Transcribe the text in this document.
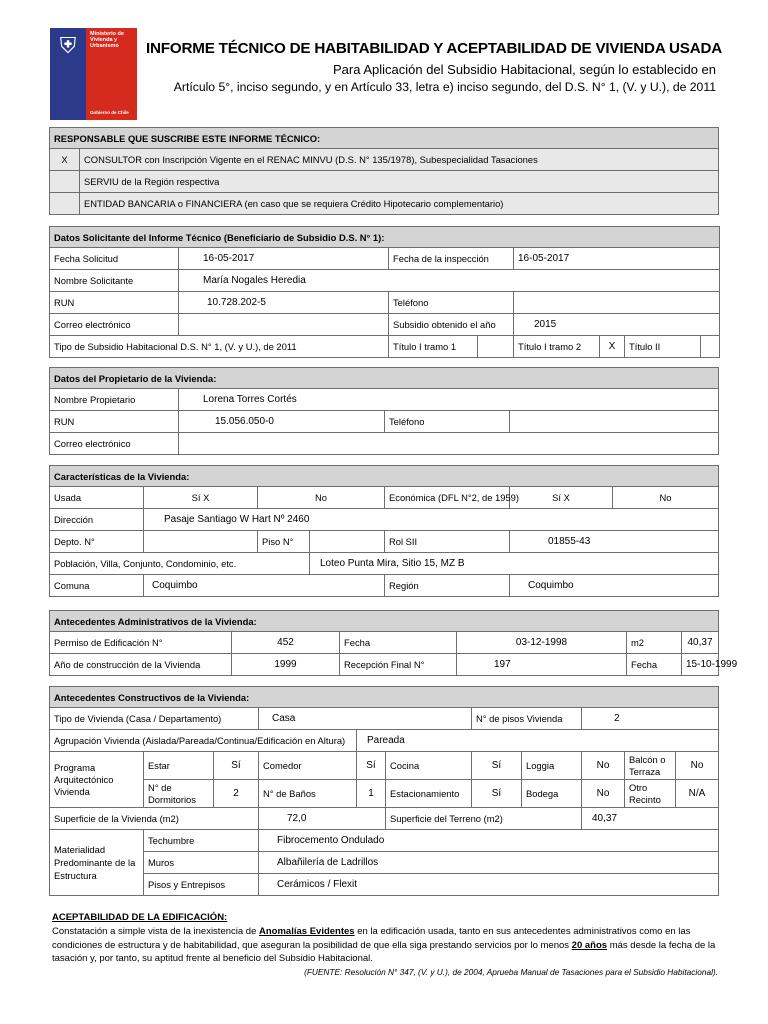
⛨	Ministerio de Vivienda y Urbanismo
Gobierno de Chile
INFORME TÉCNICO DE HABITABILIDAD Y ACEPTABILIDAD DE VIVIENDA USADA
Para Aplicación del Subsidio Habitacional, según lo establecido en
Artículo 5°, inciso segundo, y en Artículo 33, letra e) inciso segundo, del D.S. N° 1, (V. y U.), de 2011
RESPONSABLE QUE SUSCRIBE ESTE INFORME TÉCNICO:	
X	CONSULTOR con Inscripción Vigente en el RENAC MINVU (D.S. N° 135/1978), Subespecialidad Tasaciones
	SERVIU de la Región respectiva
	ENTIDAD BANCARIA o FINANCIERA (en caso que se requiera Crédito Hipotecario complementario)
Datos Solicitante del Informe Técnico (Beneficiario de Subsidio D.S. N° 1):							
Fecha Solicitud	16-05-2017	Fecha de la inspección		16-05-2017			
Nombre Solicitante	María Nogales Heredia						
RUN	10.728.202-5	Teléfono					
Correo electrónico		Subsidio obtenido el año		2015			
Tipo de Subsidio Habitacional D.S. N° 1, (V. y U.), de 2011		Título I tramo 1		Título I tramo 2	X	Título II	
Datos del Propietario de la Vivienda:			
Nombre Propietario	Lorena Torres Cortés		
RUN	15.056.050-0	Teléfono	
Correo electrónico			
Características de la Vivienda:						
Usada	Sí X	No		Económica (DFL N°2, de 1959)	Sí X	No
Dirección	Pasaje Santiago W Hart Nº 2460					
Depto. N°		Piso N°		Rol SII	01855-43	
Población, Villa, Conjunto, Condominio, etc.			Loteo Punta Mira, Sitio 15, MZ B			
Comuna	Coquimbo			Región	Coquimbo	
Antecedentes Administrativos de la Vivienda:					
Permiso de Edificación N°	452	Fecha	03-12-1998	m2	40,37
Año de construcción de la Vivienda	1999	Recepción Final N°	197	Fecha	15-10-1999
Antecedentes Constructivos de la Vivienda:										
Tipo de Vivienda (Casa / Departamento)			Casa			N° de pisos Vivienda		2		
Agrupación Vivienda (Aislada/Pareada/Continua/Edificación en Altura)				Pareada						
Programa Arquitectónico Vivienda	Estar	Sí	Comedor	Sí	Cocina	Sí	Loggia	No	Balcón o Terraza	No
	N° de Dormitorios	2	N° de Baños	1	Estacionamiento	Sí	Bodega	No	Otro Recinto	N/A
Superficie de la Vivienda (m2)			72,0		Superficie del Terreno (m2)			40,37		
Materialidad Predominante de la Estructura	Techumbre		Fibrocemento Ondulado							
	Muros		Albañilería de Ladrillos							
	Pisos y Entrepisos		Cerámicos / Flexit							
ACEPTABILIDAD DE LA EDIFICACIÓN:
Constatación a simple vista de la inexistencia de Anomalías Evidentes en la edificación usada, tanto en sus antecedentes administrativos como en las condiciones de estructura y de habitabilidad, que aseguran la posibilidad de que ella siga prestando servicios por lo menos 20 años más desde la fecha de la tasación y, por tanto, su aptitud frente al beneficio del Subsidio Habitacional.
(FUENTE: Resolución N° 347, (V. y U.), de 2004, Aprueba Manual de Tasaciones para el Subsidio Habitacional).
